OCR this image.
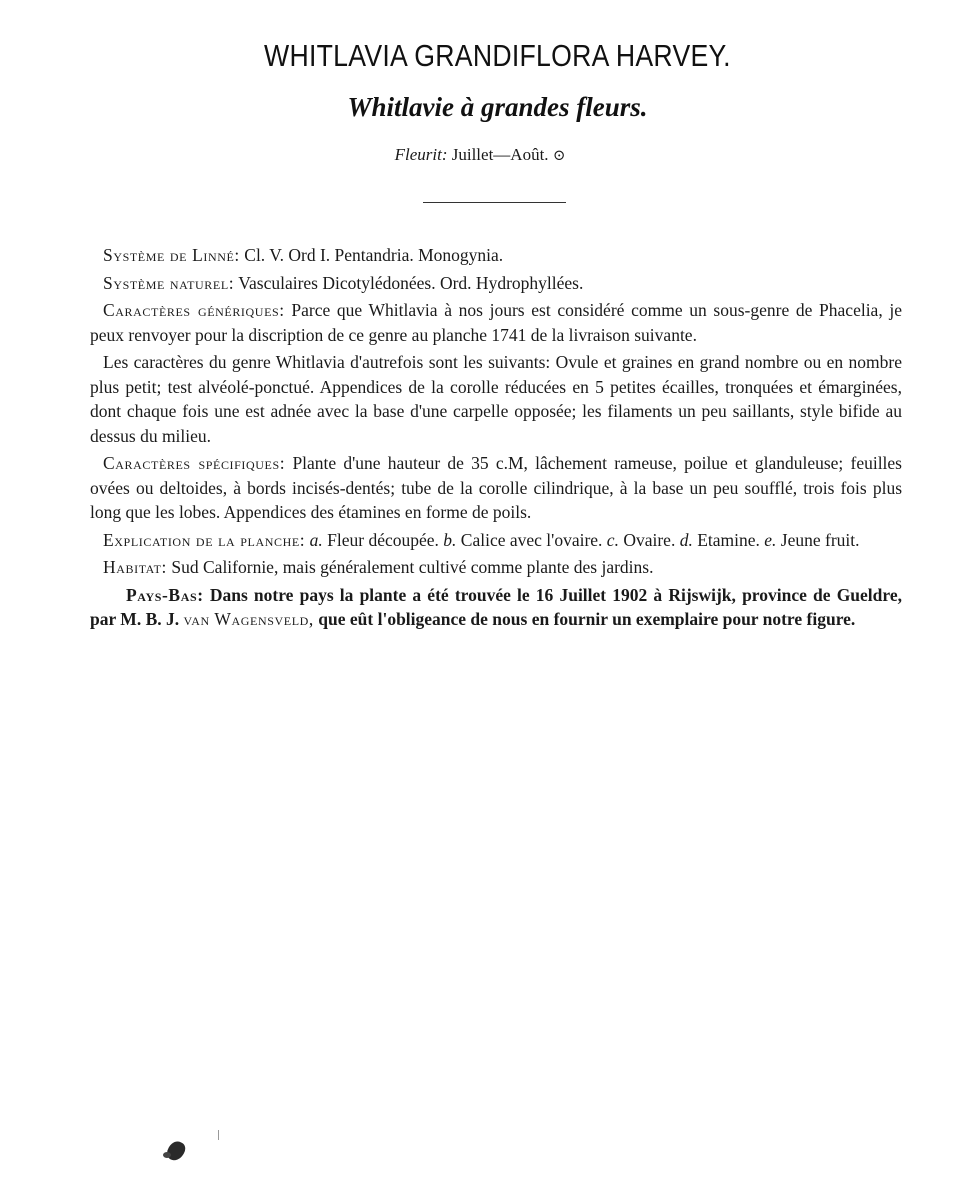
WHITLAVIA GRANDIFLORA HARVEY.
Whitlavie à grandes fleurs.

Fleurit: Juillet—Août. ⊙

Système de Linné: Cl. V. Ord I. Pentandria. Monogynia.

Système naturel: Vasculaires Dicotylédonées. Ord. Hydrophyllées.

Caractères génériques: Parce que Whitlavia à nos jours est considéré comme un sous-genre de Phacelia, je peux renvoyer pour la discription de ce genre au planche 1741 de la livraison suivante.

Les caractères du genre Whitlavia d'autrefois sont les suivants: Ovule et graines en grand nombre ou en nombre plus petit; test alvéolé-ponctué. Appendices de la corolle réducées en 5 petites écailles, tronquées et émarginées, dont chaque fois une est adnée avec la base d'une carpelle opposée; les filaments un peu saillants, style bifide au dessus du milieu.

Caractères spécifiques: Plante d'une hauteur de 35 c.M, lâchement rameuse, poilue et glanduleuse; feuilles ovées ou deltoides, à bords incisés-dentés; tube de la corolle cilindrique, à la base un peu soufflé, trois fois plus long que les lobes. Appendices des étamines en forme de poils.

Explication de la planche: a. Fleur découpée. b. Calice avec l'ovaire. c. Ovaire. d. Etamine. e. Jeune fruit.

Habitat: Sud Californie, mais généralement cultivé comme plante des jardins.

Pays-Bas: Dans notre pays la plante a été trouvée le 16 Juillet 1902 à Rijswijk, province de Gueldre, par M. B. J. van Wagensveld, que eût l'obligeance de nous en fournir un exemplaire pour notre figure.
